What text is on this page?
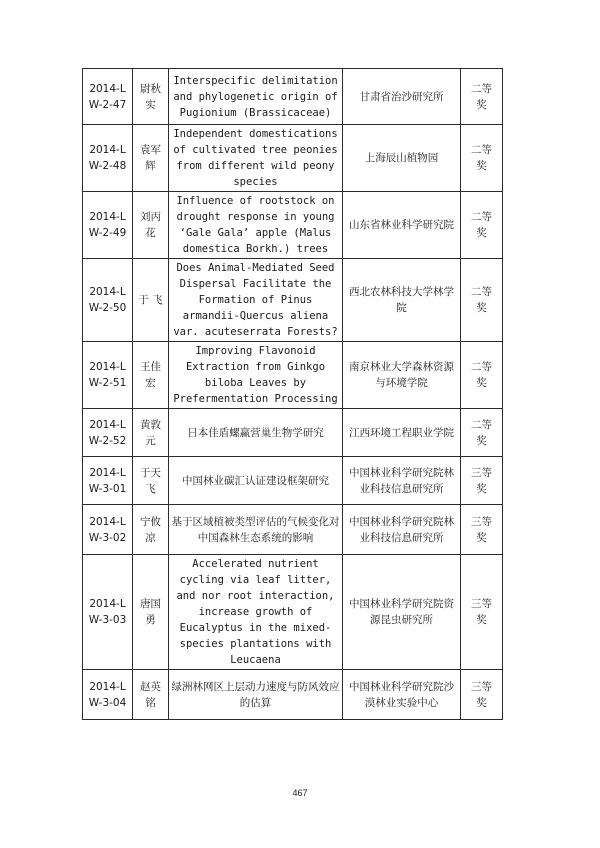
2014-LW-2-47	尉秋实	Interspecific delimitation and phylogenetic origin of Pugionium (Brassicaceae)	甘肃省治沙研究所	二等奖
2014-LW-2-48	袁军辉	Independent domestications of cultivated tree peonies from different wild peony species	上海辰山植物园	二等奖
2014-LW-2-49	刘丙花	Influence of rootstock on drought response in young ‘Gale Gala’ apple (Malus domestica Borkh.) trees	山东省林业科学研究院	二等奖
2014-LW-2-50	于 飞	Does Animal-Mediated Seed Dispersal Facilitate the Formation of Pinus armandii-Quercus aliena var. acuteserrata Forests?	西北农林科技大学林学院	二等奖
2014-LW-2-51	王佳宏	Improving Flavonoid Extraction from Ginkgo biloba Leaves by Prefermentation Processing	南京林业大学森林资源与环境学院	二等奖
2014-LW-2-52	黄敦元	日本佳盾螺赢营巢生物学研究	江西环境工程职业学院	二等奖
2014-LW-3-01	于天飞	中国林业碳汇认证建设框架研究	中国林业科学研究院林业科技信息研究所	三等奖
2014-LW-3-02	宁攸凉	基于区域植被类型评估的气候变化对中国森林生态系统的影响	中国林业科学研究院林业科技信息研究所	三等奖
2014-LW-3-03	唐国勇	Accelerated nutrient cycling via leaf litter, and nor root interaction, increase growth of Eucalyptus in the mixed-species plantations with Leucaena	中国林业科学研究院资源昆虫研究所	三等奖
2014-LW-3-04	赵英铭	绿洲林网区上层动力速度与防风效应的估算	中国林业科学研究院沙漠林业实验中心	三等奖
467
